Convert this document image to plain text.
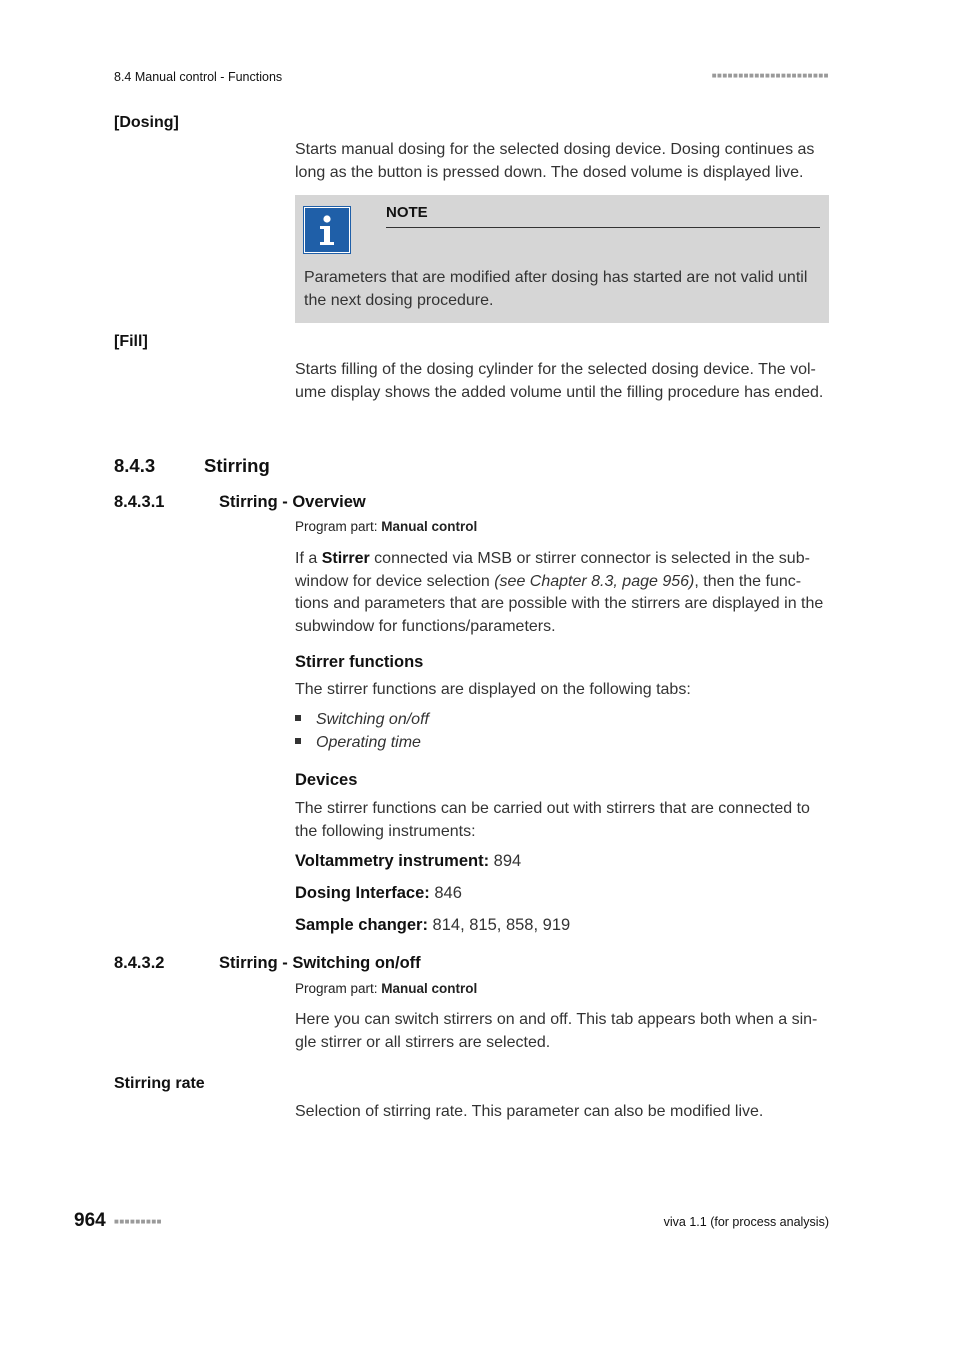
8.4 Manual control - Functions	■■■■■■■■■■■■■■■■■■■■■■
[Dosing]
Starts manual dosing for the selected dosing device. Dosing continues as long as the button is pressed down. The dosed volume is displayed live.
NOTE
Parameters that are modified after dosing has started are not valid until the next dosing procedure.
[Fill]
Starts filling of the dosing cylinder for the selected dosing device. The vol-ume display shows the added volume until the filling procedure has ended.
8.4.3	Stirring
8.4.3.1	Stirring - Overview
Program part: Manual control
If a Stirrer connected via MSB or stirrer connector is selected in the sub-window for device selection (see Chapter 8.3, page 956), then the func-tions and parameters that are possible with the stirrers are displayed in the subwindow for functions/parameters.
Stirrer functions
The stirrer functions are displayed on the following tabs:
Switching on/off
Operating time
Devices
The stirrer functions can be carried out with stirrers that are connected to the following instruments:
Voltammetry instrument: 894
Dosing Interface: 846
Sample changer: 814, 815, 858, 919
8.4.3.2	Stirring - Switching on/off
Program part: Manual control
Here you can switch stirrers on and off. This tab appears both when a sin-gle stirrer or all stirrers are selected.
Stirring rate
Selection of stirring rate. This parameter can also be modified live.
964 ■■■■■■■■■	viva 1.1 (for process analysis)
